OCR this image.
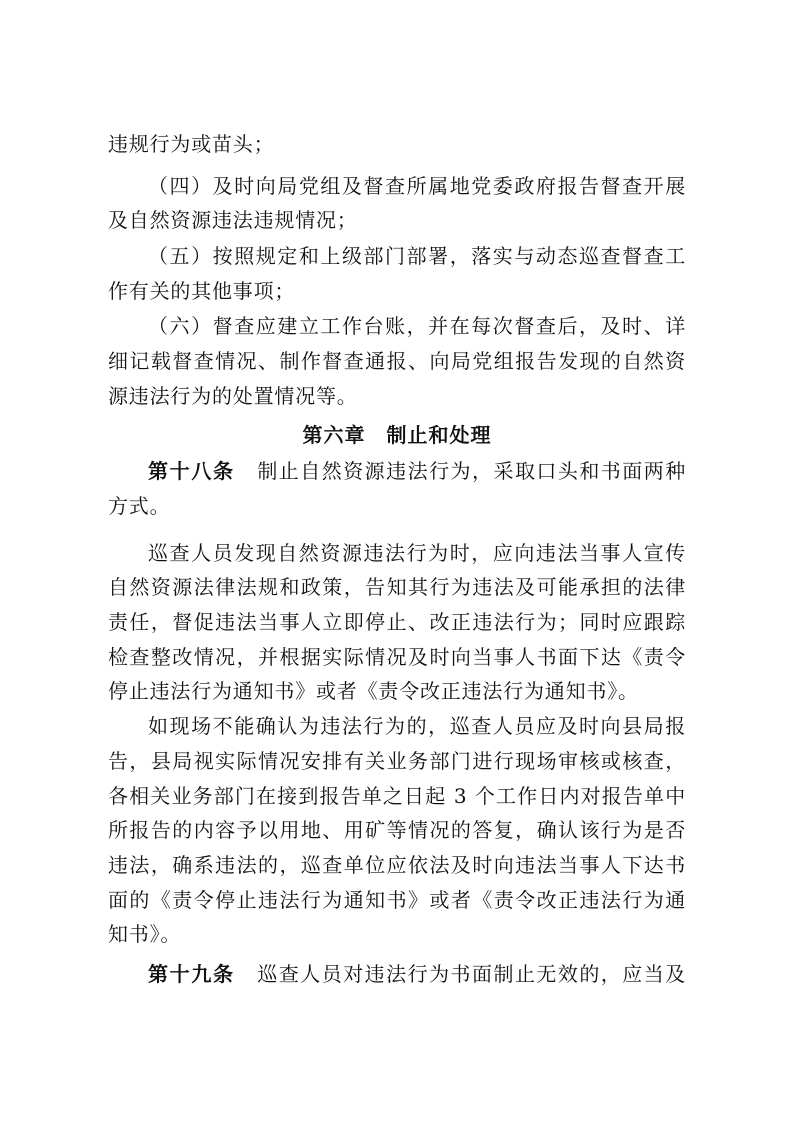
违规行为或苗头；
（四）及时向局党组及督查所属地党委政府报告督查开展
及自然资源违法违规情况；
（五）按照规定和上级部门部署，落实与动态巡查督查工
作有关的其他事项；
（六）督查应建立工作台账，并在每次督查后，及时、详
细记载督查情况、制作督查通报、向局党组报告发现的自然资
源违法行为的处置情况等。
第六章　制止和处理
第十八条 制止自然资源违法行为，采取口头和书面两种
方式。
巡查人员发现自然资源违法行为时，应向违法当事人宣传
自然资源法律法规和政策，告知其行为违法及可能承担的法律
责任，督促违法当事人立即停止、改正违法行为；同时应跟踪
检查整改情况，并根据实际情况及时向当事人书面下达《责令
停止违法行为通知书》或者《责令改正违法行为通知书》。
如现场不能确认为违法行为的，巡查人员应及时向县局报
告，县局视实际情况安排有关业务部门进行现场审核或核查，
各相关业务部门在接到报告单之日起 3 个工作日内对报告单中
所报告的内容予以用地、用矿等情况的答复，确认该行为是否
违法，确系违法的，巡查单位应依法及时向违法当事人下达书
面的《责令停止违法行为通知书》或者《责令改正违法行为通
知书》。
第十九条 巡查人员对违法行为书面制止无效的，应当及
